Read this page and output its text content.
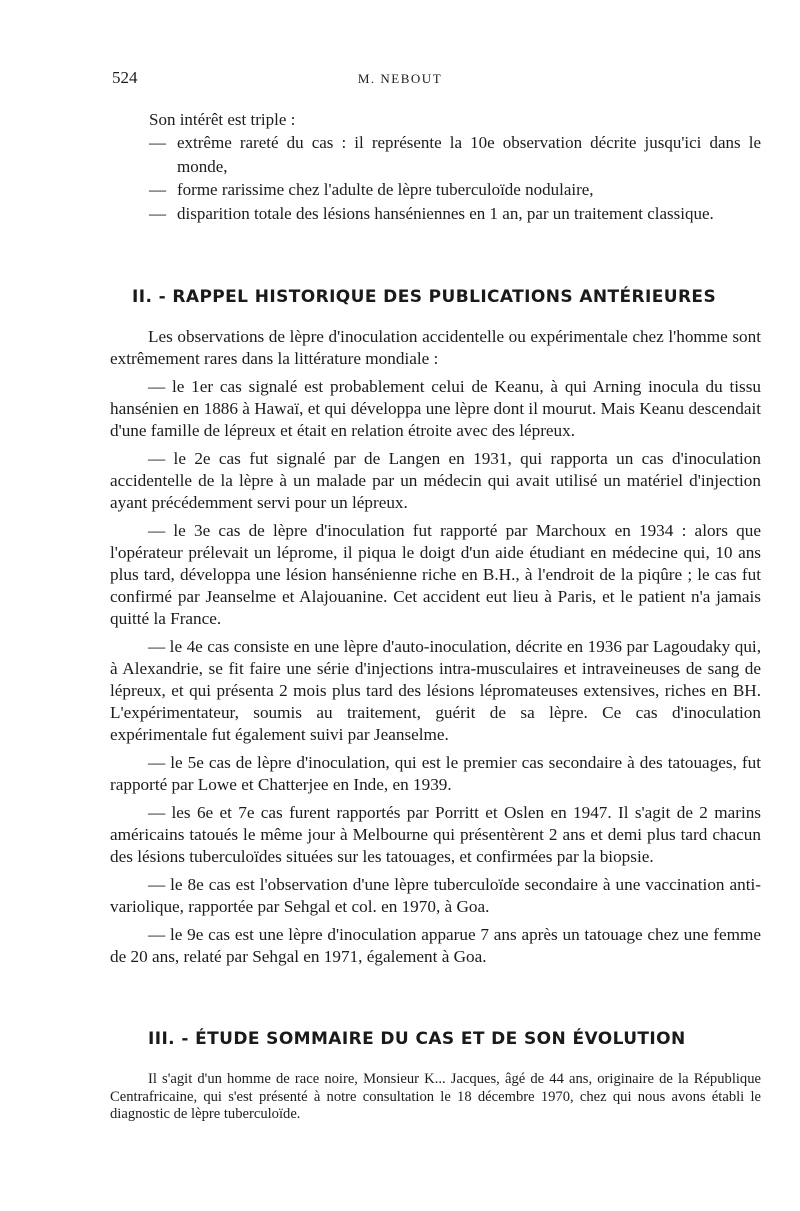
524	M. NEBOUT

Son intérêt est triple :

— extrême rareté du cas : il représente la 10e observation décrite jusqu'ici dans le monde,

— forme rarissime chez l'adulte de lèpre tuberculoïde nodulaire,

— disparition totale des lésions hanséniennes en 1 an, par un traitement classique.

II. - RAPPEL HISTORIQUE DES PUBLICATIONS ANTÉRIEURES

Les observations de lèpre d'inoculation accidentelle ou expérimentale chez l'homme sont extrêmement rares dans la littérature mondiale :

— le 1er cas signalé est probablement celui de Keanu, à qui Arning inocula du tissu hansénien en 1886 à Hawaï, et qui développa une lèpre dont il mourut. Mais Keanu descendait d'une famille de lépreux et était en relation étroite avec des lépreux.

— le 2e cas fut signalé par de Langen en 1931, qui rapporta un cas d'inoculation accidentelle de la lèpre à un malade par un médecin qui avait utilisé un matériel d'injection ayant précédemment servi pour un lépreux.

— le 3e cas de lèpre d'inoculation fut rapporté par Marchoux en 1934 : alors que l'opérateur prélevait un léprome, il piqua le doigt d'un aide étudiant en médecine qui, 10 ans plus tard, développa une lésion hansénienne riche en B.H., à l'endroit de la piqûre ; le cas fut confirmé par Jeanselme et Alajouanine. Cet accident eut lieu à Paris, et le patient n'a jamais quitté la France.

— le 4e cas consiste en une lèpre d'auto-inoculation, décrite en 1936 par Lagoudaky qui, à Alexandrie, se fit faire une série d'injections intra-musculaires et intraveineuses de sang de lépreux, et qui présenta 2 mois plus tard des lésions lépromateuses extensives, riches en BH. L'expérimentateur, soumis au traitement, guérit de sa lèpre. Ce cas d'inoculation expérimentale fut également suivi par Jeanselme.

— le 5e cas de lèpre d'inoculation, qui est le premier cas secondaire à des tatouages, fut rapporté par Lowe et Chatterjee en Inde, en 1939.

— les 6e et 7e cas furent rapportés par Porritt et Oslen en 1947. Il s'agit de 2 marins américains tatoués le même jour à Melbourne qui présentèrent 2 ans et demi plus tard chacun des lésions tuberculoïdes situées sur les tatouages, et confirmées par la biopsie.

— le 8e cas est l'observation d'une lèpre tuberculoïde secondaire à une vaccination anti-variolique, rapportée par Sehgal et col. en 1970, à Goa.

— le 9e cas est une lèpre d'inoculation apparue 7 ans après un tatouage chez une femme de 20 ans, relaté par Sehgal en 1971, également à Goa.

III. - ÉTUDE SOMMAIRE DU CAS ET DE SON ÉVOLUTION

Il s'agit d'un homme de race noire, Monsieur K... Jacques, âgé de 44 ans, originaire de la République Centrafricaine, qui s'est présenté à notre consultation le 18 décembre 1970, chez qui nous avons établi le diagnostic de lèpre tuberculoïde.
